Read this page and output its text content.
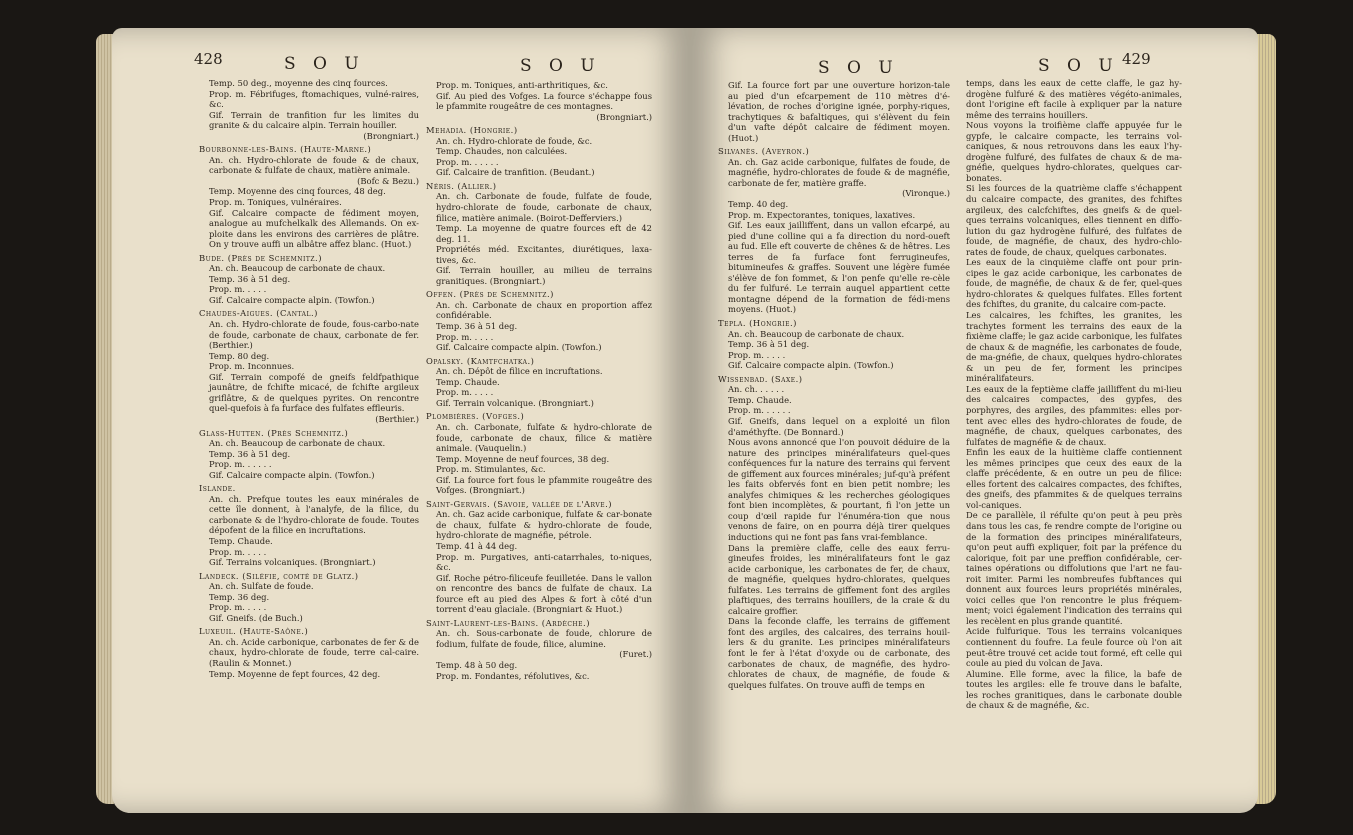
428	S O U	S O U

Temp. 50 deg., moyenne des cinq fources.

Prop. m. Fébrifuges, ftomachiques, vulné-raires, &c.

Gif. Terrain de tranfition fur les limites du granite & du calcaire alpin. Terrain houiller.

(Brongniart.)

Bourbonne-les-Bains. (Haute-Marne.)

An. ch. Hydro-chlorate de foude & de chaux, carbonate & fulfate de chaux, matière animale.

(Bofc & Bezu.)

Temp. Moyenne des cinq fources, 48 deg.

Prop. m. Toniques, vulnéraires.

Gif. Calcaire compacte de fédiment moyen, analogue au mufchelkalk des Allemands. On ex-ploite dans les environs des carrières de plâtre. On y trouve auffi un albâtre affez blanc. (Huot.)

Bude. (Près de Schemnitz.)

An. ch. Beaucoup de carbonate de chaux.

Temp. 36 à 51 deg.

Prop. m. . . . .

Gif. Calcaire compacte alpin. (Towfon.)

Chaudes-Aigues. (Cantal.)

An. ch. Hydro-chlorate de foude, fous-carbo-nate de foude, carbonate de chaux, carbonate de fer. (Berthier.)

Temp. 80 deg.

Prop. m. Inconnues.

Gif. Terrain compofé de gneifs feldfpathique jaunâtre, de fchifte micacé, de fchifte argileux griflâtre, & de quelques pyrites. On rencontre quel-quefois à fa furface des fulfates effleuris.

(Berthier.)

Glass-Hutten. (Près Schemnitz.)

An. ch. Beaucoup de carbonate de chaux.

Temp. 36 à 51 deg.

Prop. m. . . . . .

Gif. Calcaire compacte alpin. (Towfon.)

Islande.

An. ch. Prefque toutes les eaux minérales de cette île donnent, à l'analyfe, de la filice, du carbonate & de l'hydro-chlorate de foude. Toutes dépofent de la filice en incruftations.

Temp. Chaude.

Prop. m. . . . .

Gif. Terrains volcaniques. (Brongniart.)

Landeck. (Siléfie, comté de Glatz.)

An. ch. Sulfate de foude.

Temp. 36 deg.

Prop. m. . . . .

Gif. Gneifs. (de Buch.)

Luxeuil. (Haute-Saône.)

An. ch. Acide carbonique, carbonates de fer & de chaux, hydro-chlorate de foude, terre cal-caire. (Raulin & Monnet.)

Temp. Moyenne de fept fources, 42 deg.

Prop. m. Toniques, anti-arthritiques, &c.

Gif. Au pied des Vofges. La fource s'échappe fous le pfammite rougeâtre de ces montagnes.

(Brongniart.)

Mehadia. (Hongrie.)

An. ch. Hydro-chlorate de foude, &c.

Temp. Chaudes, non calculées.

Prop. m. . . . . .

Gif. Calcaire de tranfition. (Beudant.)

Néris. (Allier.)

An. ch. Carbonate de foude, fulfate de foude, hydro-chlorate de foude, carbonate de chaux, filice, matière animale. (Boirot-Defferviers.)

Temp. La moyenne de quatre fources eft de 42 deg. 11.

Propriétés méd. Excitantes, diurétiques, laxa-tives, &c.

Gif. Terrain houiller, au milieu de terrains granitiques. (Brongniart.)

Offen. (Près de Schemnitz.)

An. ch. Carbonate de chaux en proportion affez confidérable.

Temp. 36 à 51 deg.

Prop. m. . . . .

Gif. Calcaire compacte alpin. (Towfon.)

Opalsky. (Kamtfchatka.)

An. ch. Dépôt de filice en incruftations.

Temp. Chaude.

Prop. m. . . . .

Gif. Terrain volcanique. (Brongniart.)

Plombières. (Vofges.)

An. ch. Carbonate, fulfate & hydro-chlorate de foude, carbonate de chaux, filice & matière animale. (Vauquelin.)

Temp. Moyenne de neuf fources, 38 deg.

Prop. m. Stimulantes, &c.

Gif. La fource fort fous le pfammite rougeâtre des Vofges. (Brongniart.)

Saint-Gervais. (Savoie, vallée de l'Arve.)

An. ch. Gaz acide carbonique, fulfate & car-bonate de chaux, fulfate & hydro-chlorate de foude, hydro-chlorate de magnéfie, pétrole.

Temp. 41 à 44 deg.

Prop. m. Purgatives, anti-catarrhales, to-niques, &c.

Gif. Roche pétro-filiceufe feuilletée. Dans le vallon on rencontre des bancs de fulfate de chaux. La fource eft au pied des Alpes & fort à côté d'un torrent d'eau glaciale. (Brongniart & Huot.)

Saint-Laurent-les-Bains. (Ardèche.)

An. ch. Sous-carbonate de foude, chlorure de fodium, fulfate de foude, filice, alumine.

(Furet.)

Temp. 48 à 50 deg.

Prop. m. Fondantes, réfolutives, &c.

S O U	S O U 429

Gif. La fource fort par une ouverture horizon-tale au pied d'un efcarpement de 110 mètres d'é-lévation, de roches d'origine ignée, porphy-riques, trachytiques & bafaltiques, qui s'élèvent du fein d'un vafte dépôt calcaire de fédiment moyen. (Huot.)

Silvanès. (Aveyron.)

An. ch. Gaz acide carbonique, fulfates de foude, de magnéfie, hydro-chlorates de foude & de magnéfie, carbonate de fer, matière graffe.

(Vironque.)

Temp. 40 deg.

Prop. m. Expectorantes, toniques, laxatives.

Gif. Les eaux jailliffent, dans un vallon efcarpé, au pied d'une colline qui a fa direction du nord-oueft au fud. Elle eft couverte de chênes & de hêtres. Les terres de fa furface font ferrugineufes, bitumineufes & graffes. Souvent une légère fumée s'élève de fon fommet, & l'on penfe qu'elle re-cèle du fer fulfuré. Le terrain auquel appartient cette montagne dépend de la formation de fédi-mens moyens. (Huot.)

Tepla. (Hongrie.)

An. ch. Beaucoup de carbonate de chaux.

Temp. 36 à 51 deg.

Prop. m. . . . .

Gif. Calcaire compacte alpin. (Towfon.)

Wissenbad. (Saxe.)

An. ch. . . . . .

Temp. Chaude.

Prop. m. . . . . .

Gif. Gneifs, dans lequel on a exploité un filon d'améthyfte. (De Bonnard.)

Nous avons annoncé que l'on pouvoit déduire de la nature des principes minéralifateurs quel-ques conféquences fur la nature des terrains qui fervent de giffement aux fources minérales; juf-qu'à préfent les faits obfervés font en bien petit nombre; les analyfes chimiques & les recherches géologiques font bien incomplètes, & pourtant, fi l'on jette un coup d'œil rapide fur l'énuméra-tion que nous venons de faire, on en pourra déjà tirer quelques inductions qui ne font pas fans vrai-femblance.

Dans la première claffe, celle des eaux ferru-gineufes froides, les minéralifateurs font le gaz acide carbonique, les carbonates de fer, de chaux, de magnéfie, quelques hydro-chlorates, quelques fulfates. Les terrains de giffement font des argiles plaftiques, des terrains houillers, de la craie & du calcaire groffier.

Dans la feconde claffe, les terrains de giffement font des argiles, des calcaires, des terrains houil-lers & du granite. Les principes minéralifateurs font le fer à l'état d'oxyde ou de carbonate, des carbonates de chaux, de magnéfie, des hydro-chlorates de chaux, de magnéfie, de foude & quelques fulfates. On trouve auffi de temps en

temps, dans les eaux de cette claffe, le gaz hy-drogène fulfuré & des matières végéto-animales, dont l'origine eft facile à expliquer par la nature même des terrains houillers.

Nous voyons la troifième claffe appuyée fur le gypfe, le calcaire compacte, les terrains vol-caniques, & nous retrouvons dans les eaux l'hy-drogène fulfuré, des fulfates de chaux & de ma-gnéfie, quelques hydro-chlorates, quelques car-bonates.

Si les fources de la quatrième claffe s'échappent du calcaire compacte, des granites, des fchiftes argileux, des calcfchiftes, des gneifs & de quel-ques terrains volcaniques, elles tiennent en diffo-lution du gaz hydrogène fulfuré, des fulfates de foude, de magnéfie, de chaux, des hydro-chlo-rates de foude, de chaux, quelques carbonates.

Les eaux de la cinquième claffe ont pour prin-cipes le gaz acide carbonique, les carbonates de foude, de magnéfie, de chaux & de fer, quel-ques hydro-chlorates & quelques fulfates. Elles fortent des fchiftes, du granite, du calcaire com-pacte.

Les calcaires, les fchiftes, les granites, les trachytes forment les terrains des eaux de la fixième claffe; le gaz acide carbonique, les fulfates de chaux & de magnéfie, les carbonates de foude, de ma-gnéfie, de chaux, quelques hydro-chlorates & un peu de fer, forment les principes minéralifateurs.

Les eaux de la feptième claffe jailliffent du mi-lieu des calcaires compactes, des gypfes, des porphyres, des argiles, des pfammites: elles por-tent avec elles des hydro-chlorates de foude, de magnéfie, de chaux, quelques carbonates, des fulfates de magnéfie & de chaux.

Enfin les eaux de la huitième claffe contiennent les mêmes principes que ceux des eaux de la claffe précédente, & en outre un peu de filice: elles fortent des calcaires compactes, des fchiftes, des gneifs, des pfammites & de quelques terrains vol-caniques.

De ce parallèle, il réfulte qu'on peut à peu près dans tous les cas, fe rendre compte de l'origine ou de la formation des principes minéralifateurs, qu'on peut auffi expliquer, foit par la préfence du calorique, foit par une preffion confidérable, cer-taines opérations ou diffolutions que l'art ne fau-roit imiter. Parmi les nombreufes fubftances qui donnent aux fources leurs propriétés minérales, voici celles que l'on rencontre le plus fréquem-ment; voici également l'indication des terrains qui les recèlent en plus grande quantité.

Acide fulfurique. Tous les terrains volcaniques contiennent du foufre. La feule fource où l'on ait peut-être trouvé cet acide tout formé, eft celle qui coule au pied du volcan de Java.

Alumine. Elle forme, avec la filice, la bafe de toutes les argiles: elle fe trouve dans le bafalte, les roches granitiques, dans le carbonate double de chaux & de magnéfie, &c.
